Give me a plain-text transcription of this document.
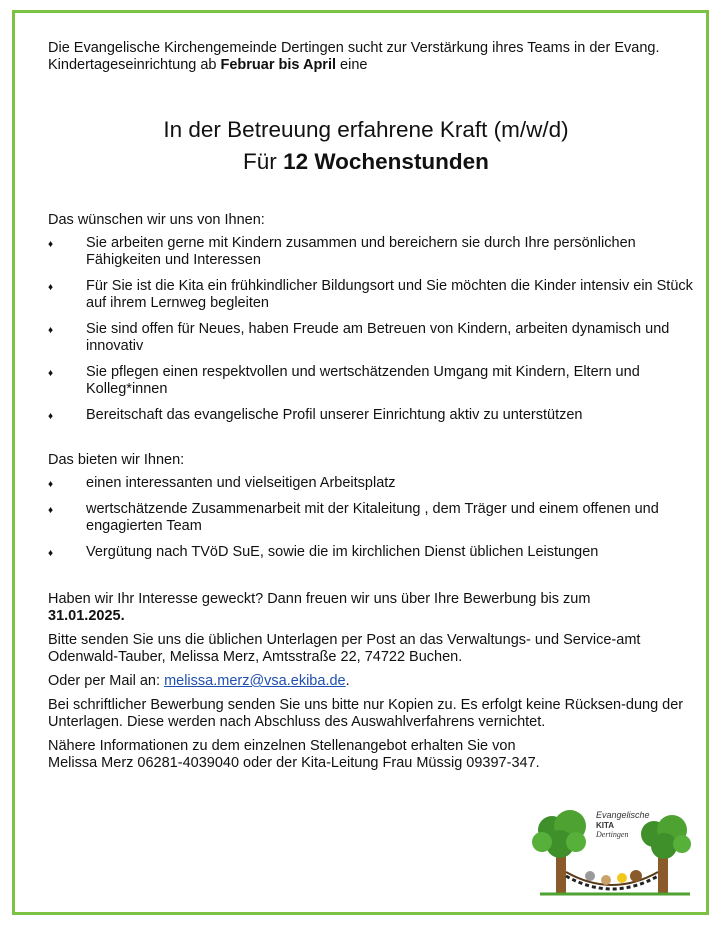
Die Evangelische Kirchengemeinde Dertingen sucht zur Verstärkung ihres Teams in der Evang. Kindertageseinrichtung ab Februar bis April eine

In der Betreuung erfahrene Kraft (m/w/d)
Für 12 Wochenstunden

Das wünschen wir uns von Ihnen:

♦ Sie arbeiten gerne mit Kindern zusammen und bereichern sie durch Ihre persönlichen Fähigkeiten und Interessen
♦ Für Sie ist die Kita ein frühkindlicher Bildungsort und Sie möchten die Kinder intensiv ein Stück auf ihrem Lernweg begleiten
♦ Sie sind offen für Neues, haben Freude am Betreuen von Kindern, arbeiten dynamisch und innovativ
♦ Sie pflegen einen respektvollen und wertschätzenden Umgang mit Kindern, Eltern und Kolleg*innen
♦ Bereitschaft das evangelische Profil unserer Einrichtung aktiv zu unterstützen

Das bieten wir Ihnen:

♦ einen interessanten und vielseitigen Arbeitsplatz
♦ wertschätzende Zusammenarbeit mit der Kitaleitung , dem Träger und einem offenen und engagierten Team
♦ Vergütung nach TVöD SuE, sowie die im kirchlichen Dienst üblichen Leistungen

Haben wir Ihr Interesse geweckt? Dann freuen wir uns über Ihre Bewerbung bis zum
31.01.2025.

Bitte senden Sie uns die üblichen Unterlagen per Post an das Verwaltungs- und Service-amt Odenwald-Tauber, Melissa Merz, Amtsstraße 22, 74722 Buchen.

Oder per Mail an: melissa.merz@vsa.ekiba.de.

Bei schriftlicher Bewerbung senden Sie uns bitte nur Kopien zu. Es erfolgt keine Rücksen-dung der Unterlagen. Diese werden nach Abschluss des Auswahlverfahrens vernichtet.

Nähere Informationen zu dem einzelnen Stellenangebot erhalten Sie von
Melissa Merz 06281-4039040 oder der Kita-Leitung Frau Müssig 09397-347.

Evangelische
KITA
Dertingen
